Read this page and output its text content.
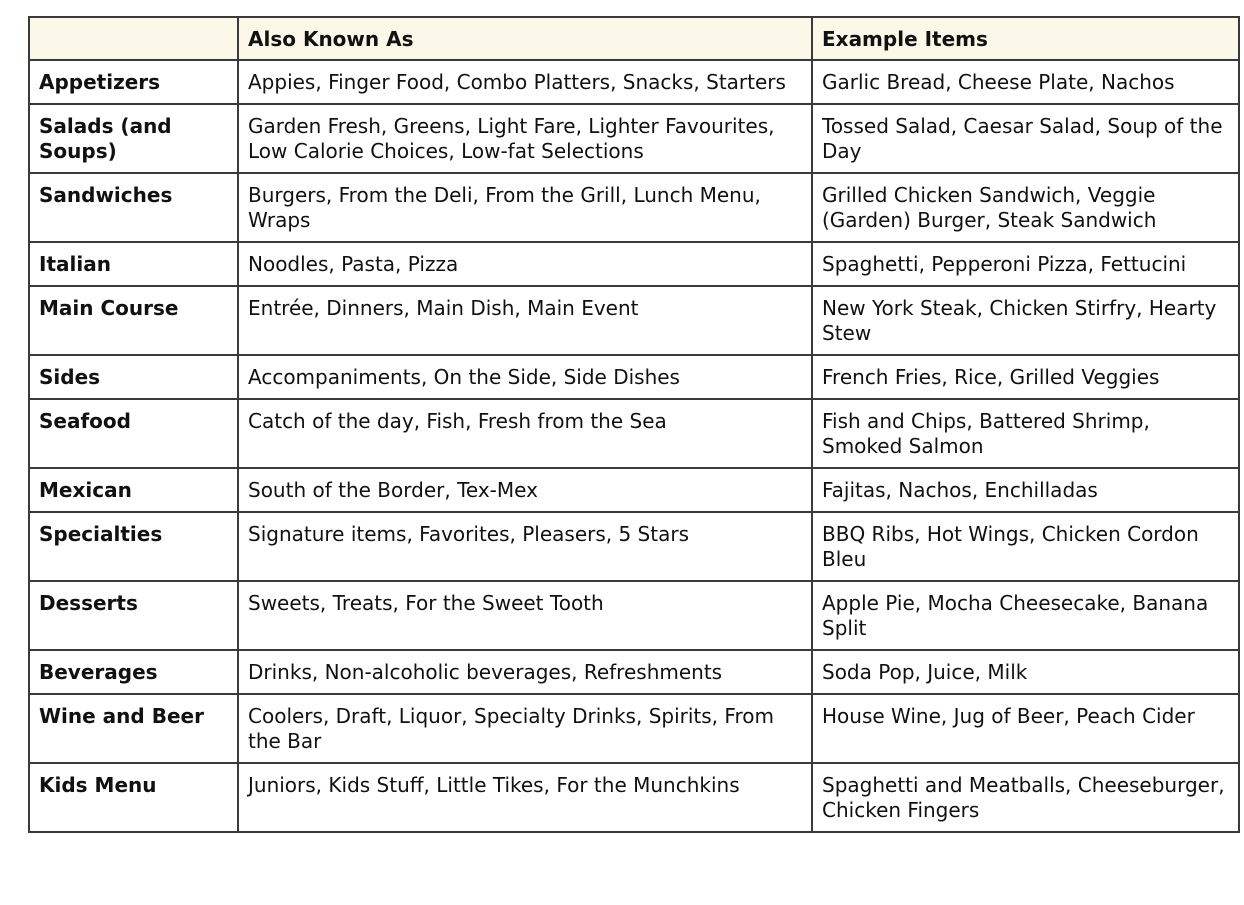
	Also Known As	Example Items
Appetizers	Appies, Finger Food, Combo Platters, Snacks, Starters	Garlic Bread, Cheese Plate, Nachos
Salads (and Soups)	Garden Fresh, Greens, Light Fare, Lighter Favourites, Low Calorie Choices, Low-fat Selections	Tossed Salad, Caesar Salad, Soup of the Day
Sandwiches	Burgers, From the Deli, From the Grill, Lunch Menu, Wraps	Grilled Chicken Sandwich, Veggie (Garden) Burger, Steak Sandwich
Italian	Noodles, Pasta, Pizza	Spaghetti, Pepperoni Pizza, Fettucini
Main Course	Entrée, Dinners, Main Dish, Main Event	New York Steak, Chicken Stirfry, Hearty Stew
Sides	Accompaniments, On the Side, Side Dishes	French Fries, Rice, Grilled Veggies
Seafood	Catch of the day, Fish, Fresh from the Sea	Fish and Chips, Battered Shrimp, Smoked Salmon
Mexican	South of the Border, Tex-Mex	Fajitas, Nachos, Enchilladas
Specialties	Signature items, Favorites, Pleasers, 5 Stars	BBQ Ribs, Hot Wings, Chicken Cordon Bleu
Desserts	Sweets, Treats, For the Sweet Tooth	Apple Pie, Mocha Cheesecake, Banana Split
Beverages	Drinks, Non-alcoholic beverages, Refreshments	Soda Pop, Juice, Milk
Wine and Beer	Coolers, Draft, Liquor, Specialty Drinks, Spirits, From the Bar	House Wine, Jug of Beer, Peach Cider
Kids Menu	Juniors, Kids Stuff, Little Tikes, For the Munchkins	Spaghetti and Meatballs, Cheeseburger, Chicken Fingers
